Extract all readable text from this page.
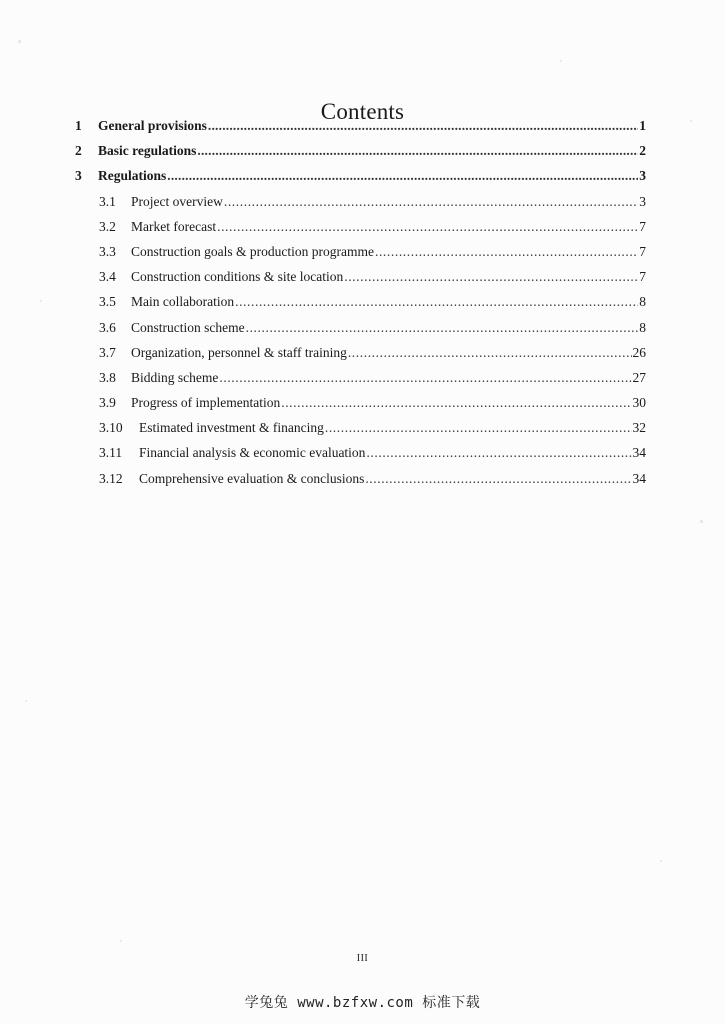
Contents
1	General provisions .....	1
2	Basic regulations .....	2
3	Regulations .....	3
3.1	Project overview .....	3
3.2	Market forecast .....	7
3.3	Construction goals & production programme .....	7
3.4	Construction conditions & site location .....	7
3.5	Main collaboration .....	8
3.6	Construction scheme .....	8
3.7	Organization, personnel & staff training .....	26
3.8	Bidding scheme .....	27
3.9	Progress of implementation .....	30
3.10	Estimated investment & financing .....	32
3.11	Financial analysis & economic evaluation .....	34
3.12	Comprehensive evaluation & conclusions .....	34
III
学兔兔 www.bzfxw.com 标准下载
